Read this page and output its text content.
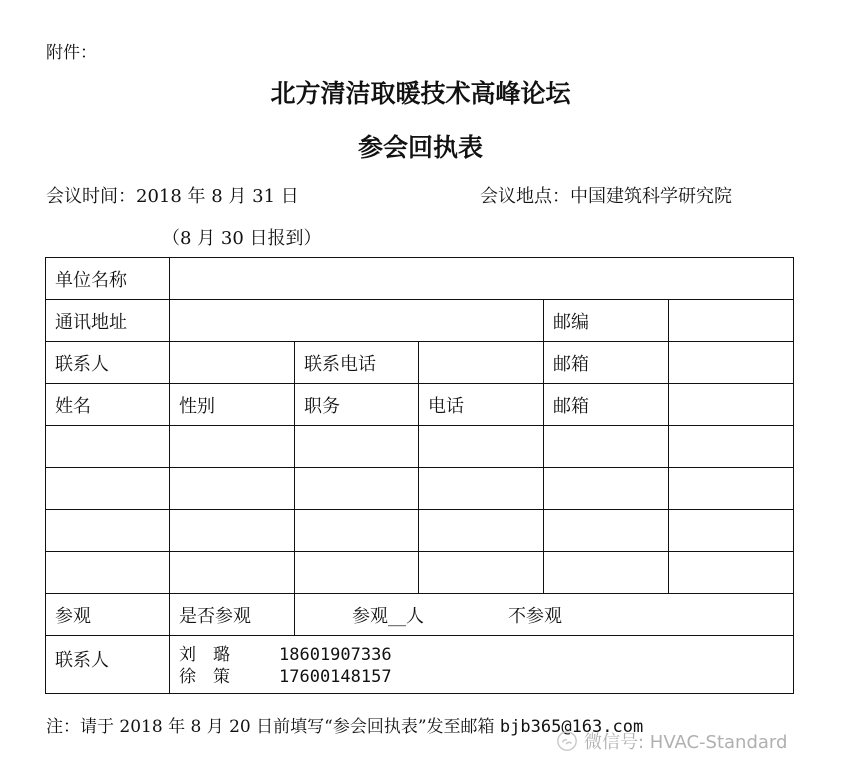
附件：
北方清洁取暖技术高峰论坛
参会回执表
会议时间：2018 年 8 月 31 日	会议地点：中国建筑科学研究院
（8 月 30 日报到）
单位名称					
通讯地址				邮编	
联系人		联系电话		邮箱	
姓名	性别	职务	电话	邮箱	

参观	是否参观	参观__人 不参观			

联系人	刘　璐 18601907336
徐　策 17600148157				
注：请于 2018 年 8 月 20 日前填写“参会回执表”发至邮箱 bjb365@163.com
微信号: HVAC-Standard
